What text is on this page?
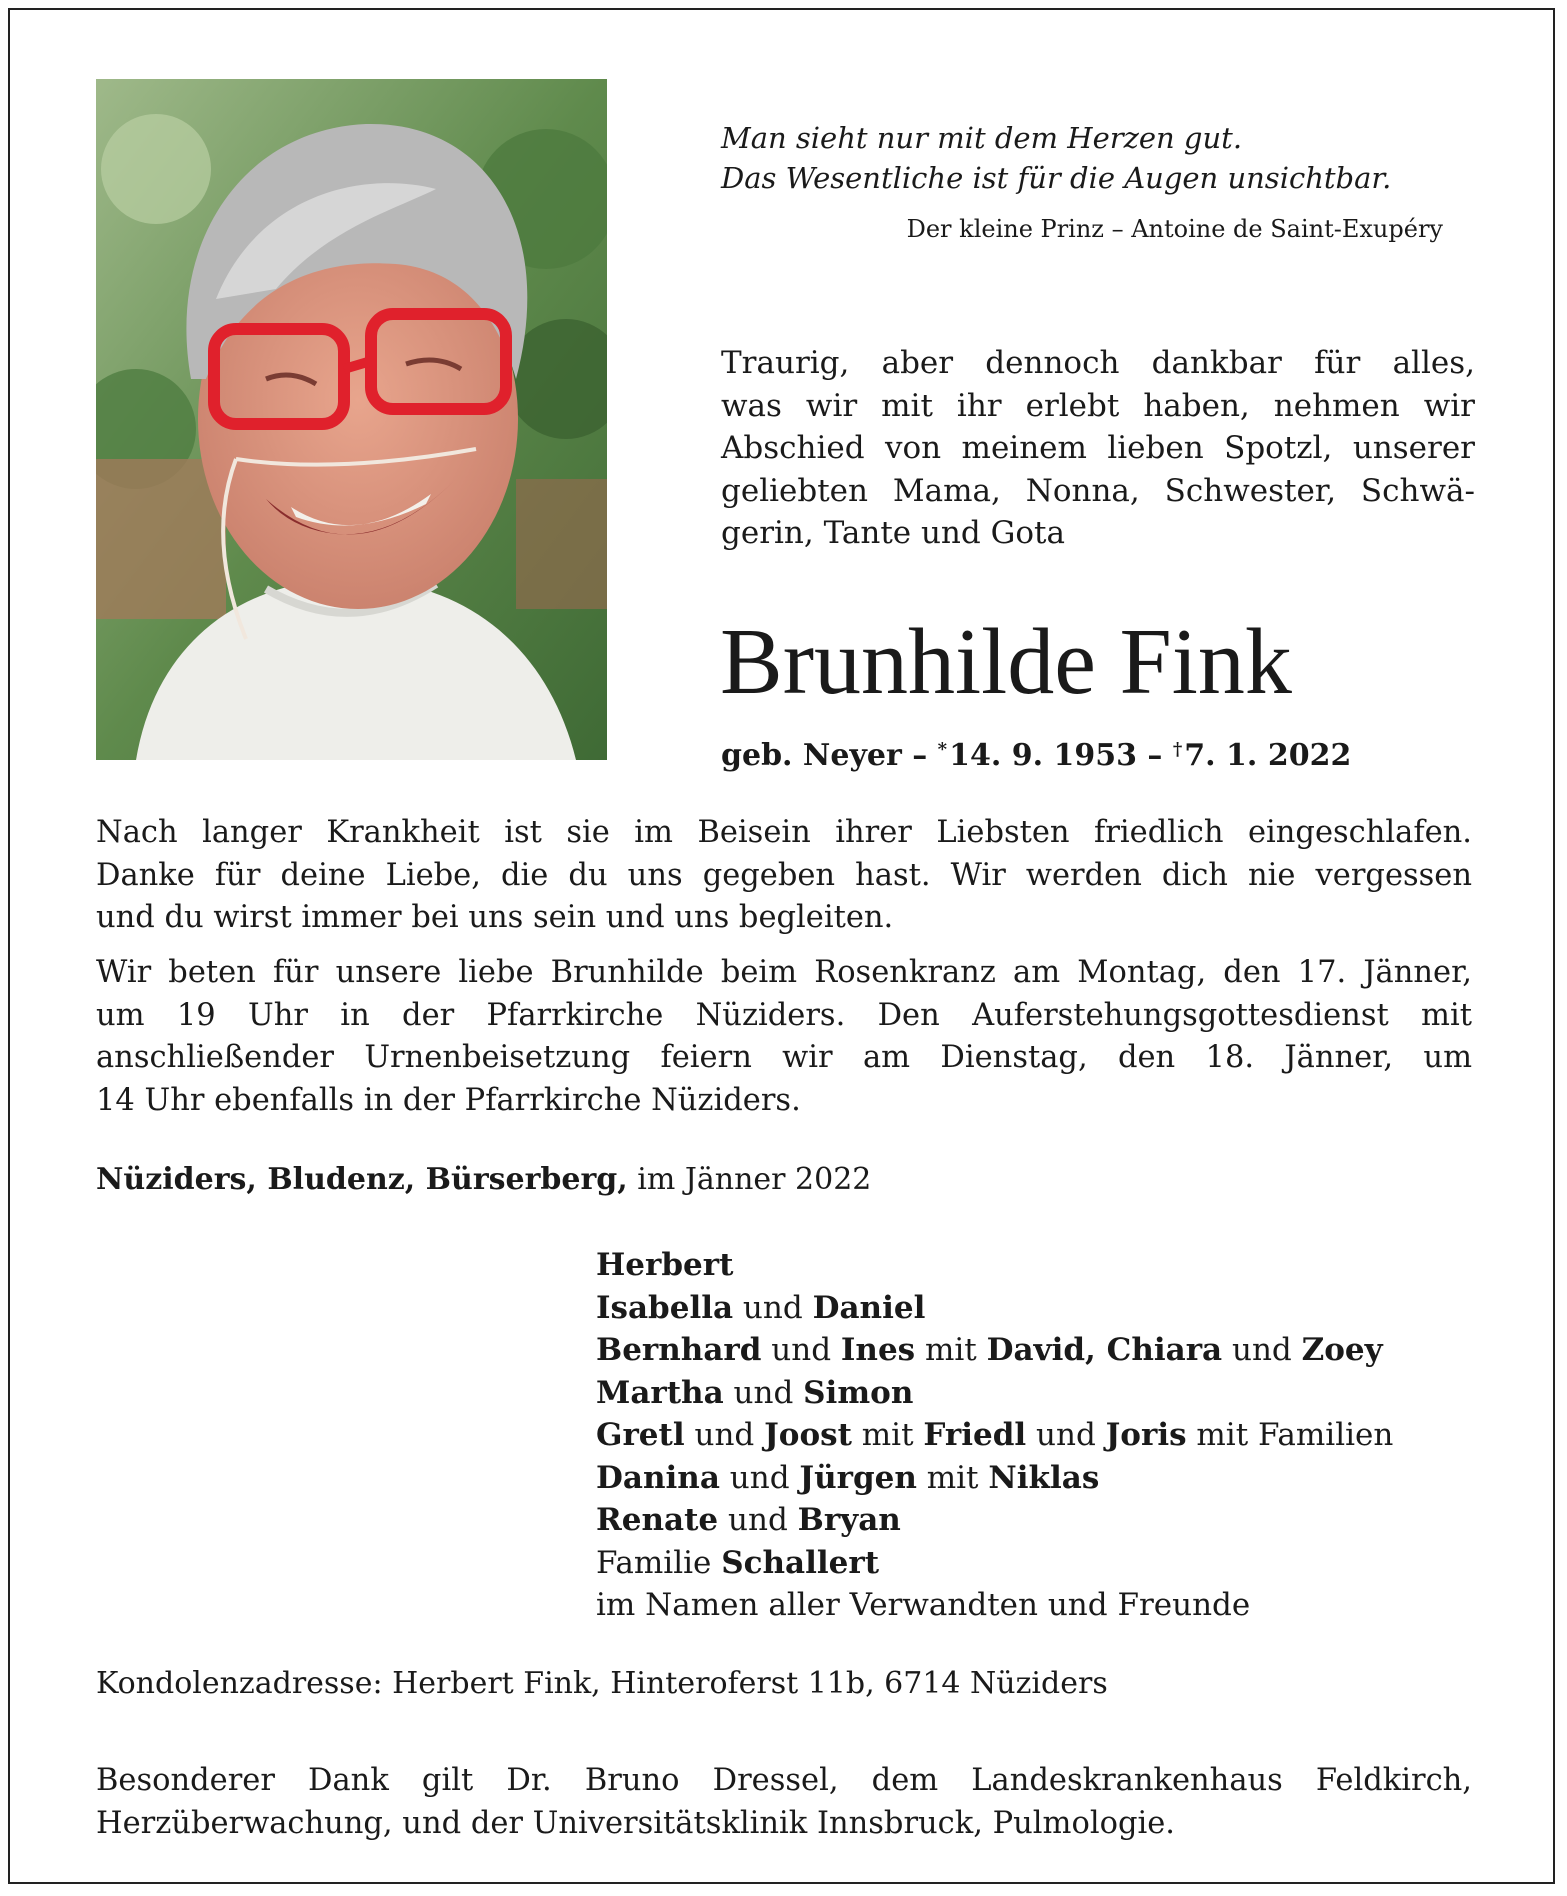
Man sieht nur mit dem Herzen gut.
Das Wesentliche ist für die Augen unsichtbar.
Der kleine Prinz – Antoine de Saint-Exupéry
Traurig, aber dennoch dankbar für alles,
was wir mit ihr erlebt haben, nehmen wir
Abschied von meinem lieben Spotzl, unserer
geliebten Mama, Nonna, Schwester, Schwä-
gerin, Tante und Gota
Brunhilde Fink
geb. Neyer – *14. 9. 1953 – †7. 1. 2022
Nach langer Krankheit ist sie im Beisein ihrer Liebsten friedlich eingeschlafen.
Danke für deine Liebe, die du uns gegeben hast. Wir werden dich nie vergessen
und du wirst immer bei uns sein und uns begleiten.
Wir beten für unsere liebe Brunhilde beim Rosenkranz am Montag, den 17. Jänner,
um 19 Uhr in der Pfarrkirche Nüziders. Den Auferstehungsgottesdienst mit
anschließender Urnenbeisetzung feiern wir am Dienstag, den 18. Jänner, um
14 Uhr ebenfalls in der Pfarrkirche Nüziders.
Nüziders, Bludenz, Bürserberg, im Jänner 2022
Herbert
Isabella und Daniel
Bernhard und Ines mit David, Chiara und Zoey
Martha und Simon
Gretl und Joost mit Friedl und Joris mit Familien
Danina und Jürgen mit Niklas
Renate und Bryan
Familie Schallert
im Namen aller Verwandten und Freunde
Kondolenzadresse: Herbert Fink, Hinteroferst 11b, 6714 Nüziders
Besonderer Dank gilt Dr. Bruno Dressel, dem Landeskrankenhaus Feldkirch,
Herzüberwachung, und der Universitätsklinik Innsbruck, Pulmologie.
